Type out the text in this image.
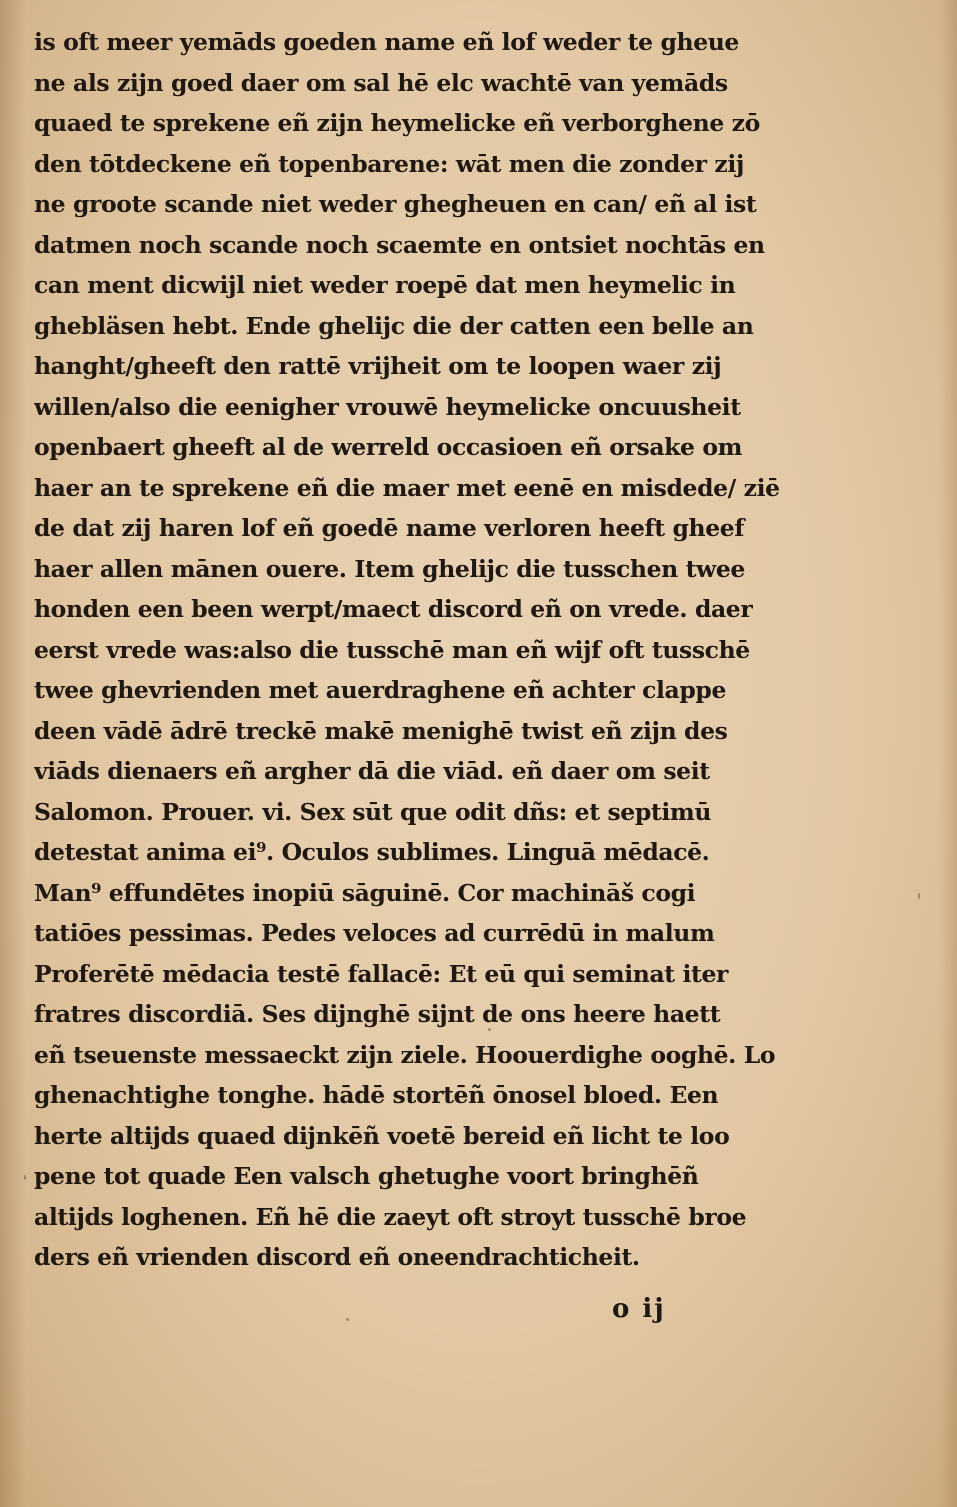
is oft meer yemāds goeden name eñ lof weder te gheue
ne als zijn goed daer om sal hē elc wachtē van yemāds
quaed te sprekene eñ zijn heymelicke eñ verborghene zō
den tōtdeckene eñ topenbarene: wāt men die zonder zij
ne groote scande niet weder ghegheuen en can/ eñ al ist
datmen noch scande noch scaemte en ontsiet nochtās en
can ment dicwijl niet weder roepē dat men heymelic in
ghebläsen hebt. Ende ghelijc die der catten een belle an
hanght/gheeft den rattē vrijheit om te loopen waer zij
willen/also die eenigher vrouwē heymelicke oncuusheit
openbaert gheeft al de werreld occasioen eñ orsake om
haer an te sprekene eñ die maer met eenē en misdede/ ziē
de dat zij haren lof eñ goedē name verloren heeft gheef
haer allen mānen ouere. Item ghelijc die tusschen twee
honden een been werpt/maect discord eñ on vrede. daer
eerst vrede was:also die tusschē man eñ wijf oft tusschē
twee ghevrienden met auerdraghene eñ achter clappe
deen vādē ādrē treckē makē menighē twist eñ zijn des
viāds dienaers eñ argher dā die viād. eñ daer om seit
Salomon. Prouer. vi. Sex sūt que odit dñs: et septimū
detestat anima ei⁹. Oculos sublimes. Linguā mēdacē.
Man⁹ effundētes inopiū sāguinē. Cor machināš cogi
tatiōes pessimas. Pedes veloces ad currēdū in malum
Proferētē mēdacia testē fallacē: Et eū qui seminat iter
fratres discordiā. Ses dijnghē sijnt de ons heere haett
eñ tseuenste messaeckt zijn ziele. Hoouerdighe ooghē. Lo
ghenachtighe tonghe. hādē stortēñ ōnosel bloed. Een
herte altijds quaed dijnkēñ voetē bereid eñ licht te loo
pene tot quade Een valsch ghetughe voort bringhēñ
altijds loghenen. Eñ hē die zaeyt oft stroyt tusschē broe
ders eñ vrienden discord eñ oneendrachticheit.
o ij
